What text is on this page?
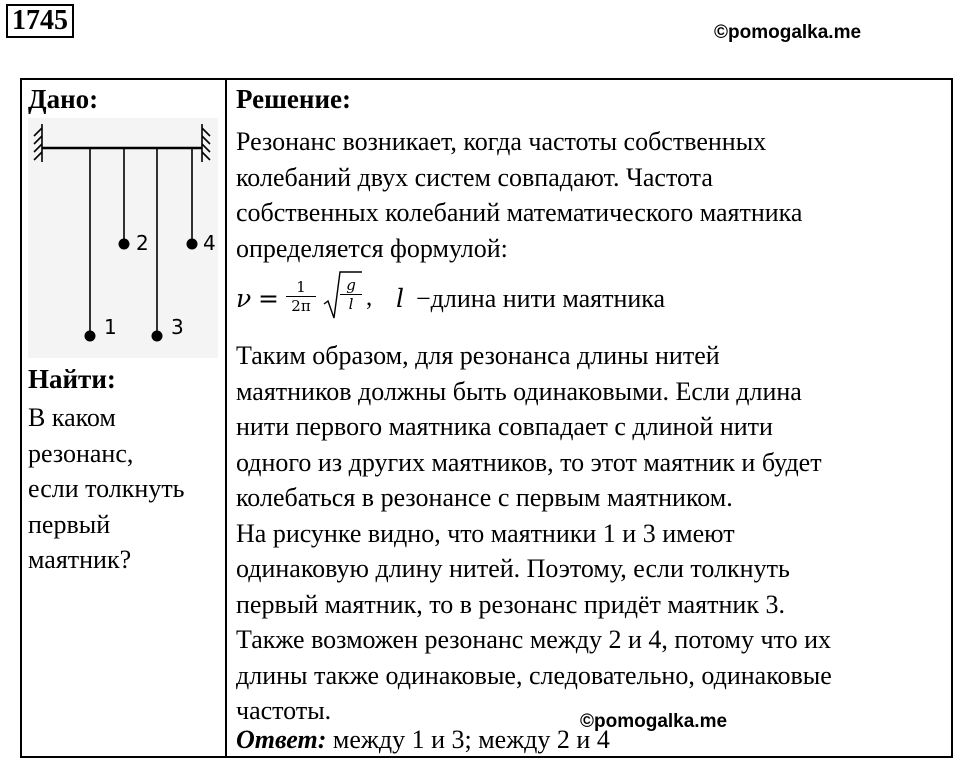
1745	©pomogalka.me
Дано:
1
2
3
4
Найти:
В каком
резонанс,
если толкнуть
первый
маятник?
Решение:
Резонанс возникает, когда частоты собственных
колебаний двух систем совпадают. Частота
собственных колебаний математического маятника
определяется формулой:
$\nu = \frac{1}{2\pi} \frac{g}{l}$ , l −длина нити маятника
Таким образом, для резонанса длины нитей
маятников должны быть одинаковыми. Если длина
нити первого маятника совпадает с длиной нити
одного из других маятников, то этот маятник и будет
колебаться в резонансе с первым маятником.
На рисунке видно, что маятники 1 и 3 имеют
одинаковую длину нитей. Поэтому, если толкнуть
первый маятник, то в резонанс придёт маятник 3.
Также возможен резонанс между 2 и 4, потому что их
длины также одинаковые, следовательно, одинаковые
частоты.
Ответ: между 1 и 3; между 2 и 4
©pomogalka.me
